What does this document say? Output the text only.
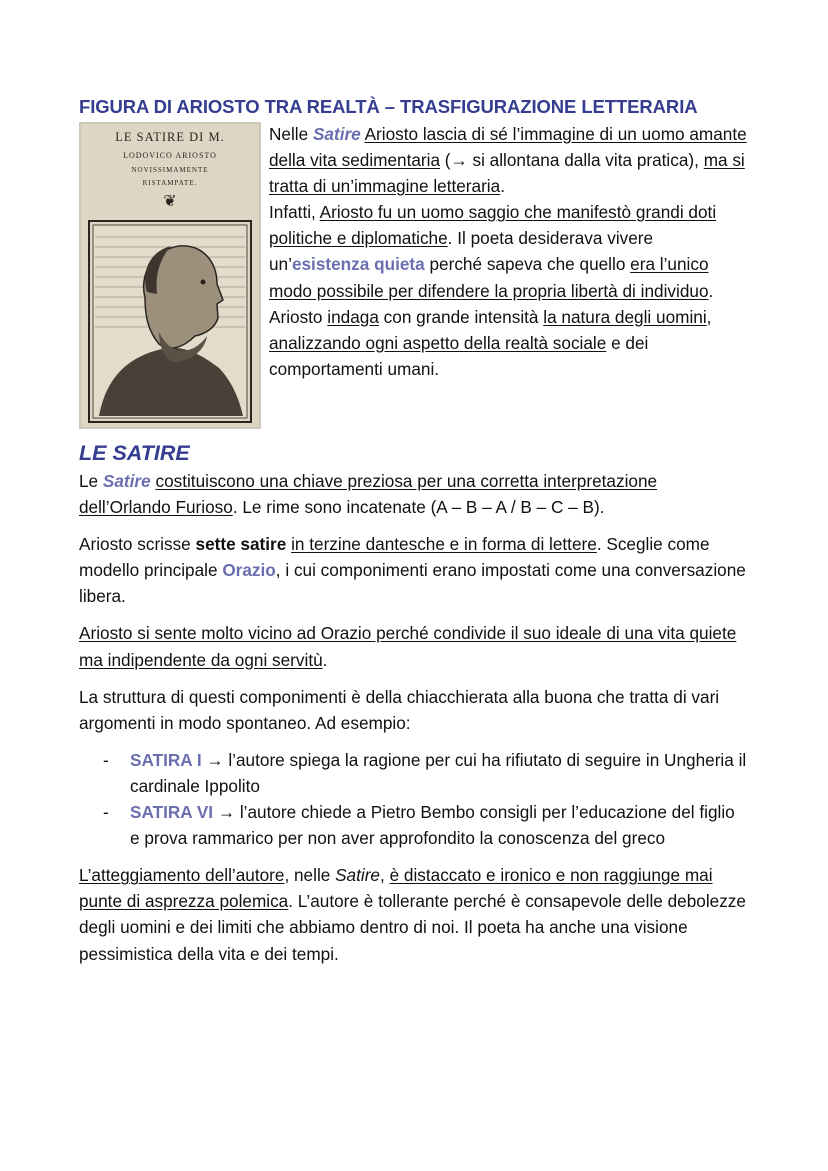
FIGURA DI ARIOSTO TRA REALTÀ – TRASFIGURAZIONE LETTERARIA
LE SATIRE DI M.
LODOVICO ARIOSTO
NOVISSIMAMENTE
RISTAMPATE.
❦

Nelle Satire Ariosto lascia di sé l’immagine di un uomo amante della vita sedimentaria (→ si allontana dalla vita pratica), ma si tratta di un’immagine letteraria.

Infatti, Ariosto fu un uomo saggio che manifestò grandi doti politiche e diplomatiche. Il poeta desiderava vivere un’esistenza quieta perché sapeva che quello era l’unico modo possibile per difendere la propria libertà di individuo.

Ariosto indaga con grande intensità la natura degli uomini, analizzando ogni aspetto della realtà sociale e dei comportamenti umani.

LE SATIRE

Le Satire costituiscono una chiave preziosa per una corretta interpretazione dell’Orlando Furioso. Le rime sono incatenate (A – B – A / B – C – B).

Ariosto scrisse sette satire in terzine dantesche e in forma di lettere. Sceglie come modello principale Orazio, i cui componimenti erano impostati come una conversazione libera.

Ariosto si sente molto vicino ad Orazio perché condivide il suo ideale di una vita quiete ma indipendente da ogni servitù.

La struttura di questi componimenti è della chiacchierata alla buona che tratta di vari argomenti in modo spontaneo. Ad esempio:

- SATIRA I → l’autore spiega la ragione per cui ha rifiutato di seguire in Ungheria il cardinale Ippolito
- SATIRA VI → l’autore chiede a Pietro Bembo consigli per l’educazione del figlio e prova rammarico per non aver approfondito la conoscenza del greco

L’atteggiamento dell’autore, nelle Satire, è distaccato e ironico e non raggiunge mai punte di asprezza polemica. L’autore è tollerante perché è consapevole delle debolezze degli uomini e dei limiti che abbiamo dentro di noi. Il poeta ha anche una visione pessimistica della vita e dei tempi.
